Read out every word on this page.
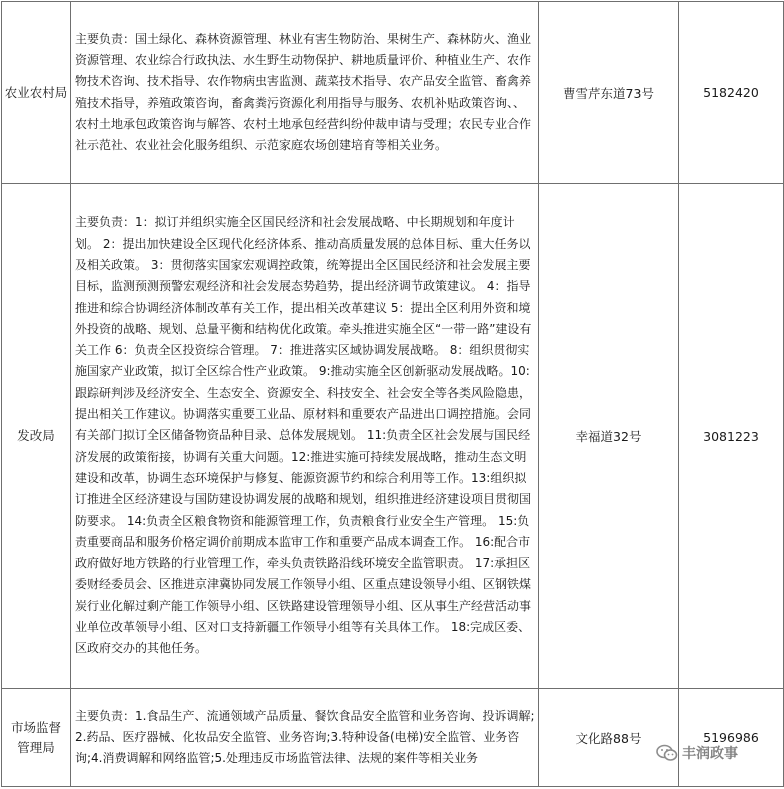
农业农村局	主要负责：国土绿化、森林资源管理、林业有害生物防治、果树生产、森林防火、渔业资源管理、农业综合行政执法、水生野生动物保护、耕地质量评价、种植业生产、农作物技术咨询、技术指导、农作物病虫害监测、蔬菜技术指导、农产品安全监管、畜禽养殖技术指导，养殖政策咨询，畜禽粪污资源化利用指导与服务、农机补贴政策咨询、、农村土地承包政策咨询与解答、农村土地承包经营纠纷仲裁申请与受理；农民专业合作社示范社、农业社会化服务组织、示范家庭农场创建培育等相关业务。	曹雪芹东道73号	5182420
发改局	主要负责：1：拟订并组织实施全区国民经济和社会发展战略、中长期规划和年度计划。 2：提出加快建设全区现代化经济体系、推动高质量发展的总体目标、重大任务以及相关政策。 3：贯彻落实国家宏观调控政策，统筹提出全区国民经济和社会发展主要目标，监测预测预警宏观经济和社会发展态势趋势，提出经济调节政策建议。 4：指导推进和综合协调经济体制改革有关工作，提出相关改革建议 5：提出全区利用外资和境外投资的战略、规划、总量平衡和结构优化政策。牵头推进实施全区“一带一路”建设有关工作 6：负责全区投资综合管理。 7：推进落实区域协调发展战略。 8：组织贯彻实施国家产业政策，拟订全区综合性产业政策。 9:推动实施全区创新驱动发展战略。10:跟踪研判涉及经济安全、生态安全、资源安全、科技安全、社会安全等各类风险隐患，提出相关工作建议。协调落实重要工业品、原材料和重要农产品进出口调控措施。会同有关部门拟订全区储备物资品种目录、总体发展规划。 11:负责全区社会发展与国民经济发展的政策衔接，协调有关重大问题。12:推进实施可持续发展战略，推动生态文明建设和改革，协调生态环境保护与修复、能源资源节约和综合利用等工作。13:组织拟订推进全区经济建设与国防建设协调发展的战略和规划，组织推进经济建设项目贯彻国防要求。 14:负责全区粮食物资和能源管理工作，负责粮食行业安全生产管理。 15:负责重要商品和服务价格定调价前期成本监审工作和重要产品成本调查工作。 16:配合市政府做好地方铁路的行业管理工作，牵头负责铁路沿线环境安全监管职责。 17:承担区委财经委员会、区推进京津冀协同发展工作领导小组、区重点建设领导小组、区钢铁煤炭行业化解过剩产能工作领导小组、区铁路建设管理领导小组、区从事生产经营活动事业单位改革领导小组、区对口支持新疆工作领导小组等有关具体工作。 18:完成区委、区政府交办的其他任务。	幸福道32号	3081223
市场监督管理局	主要负责：1.食品生产、流通领域产品质量、餐饮食品安全监管和业务咨询、投诉调解;2.药品、医疗器械、化妆品安全监管、业务咨询;3.特种设备(电梯)安全监管、业务咨询;4.消费调解和网络监管;5.处理违反市场监管法律、法规的案件等相关业务	文化路88号	5196986
丰润政事
